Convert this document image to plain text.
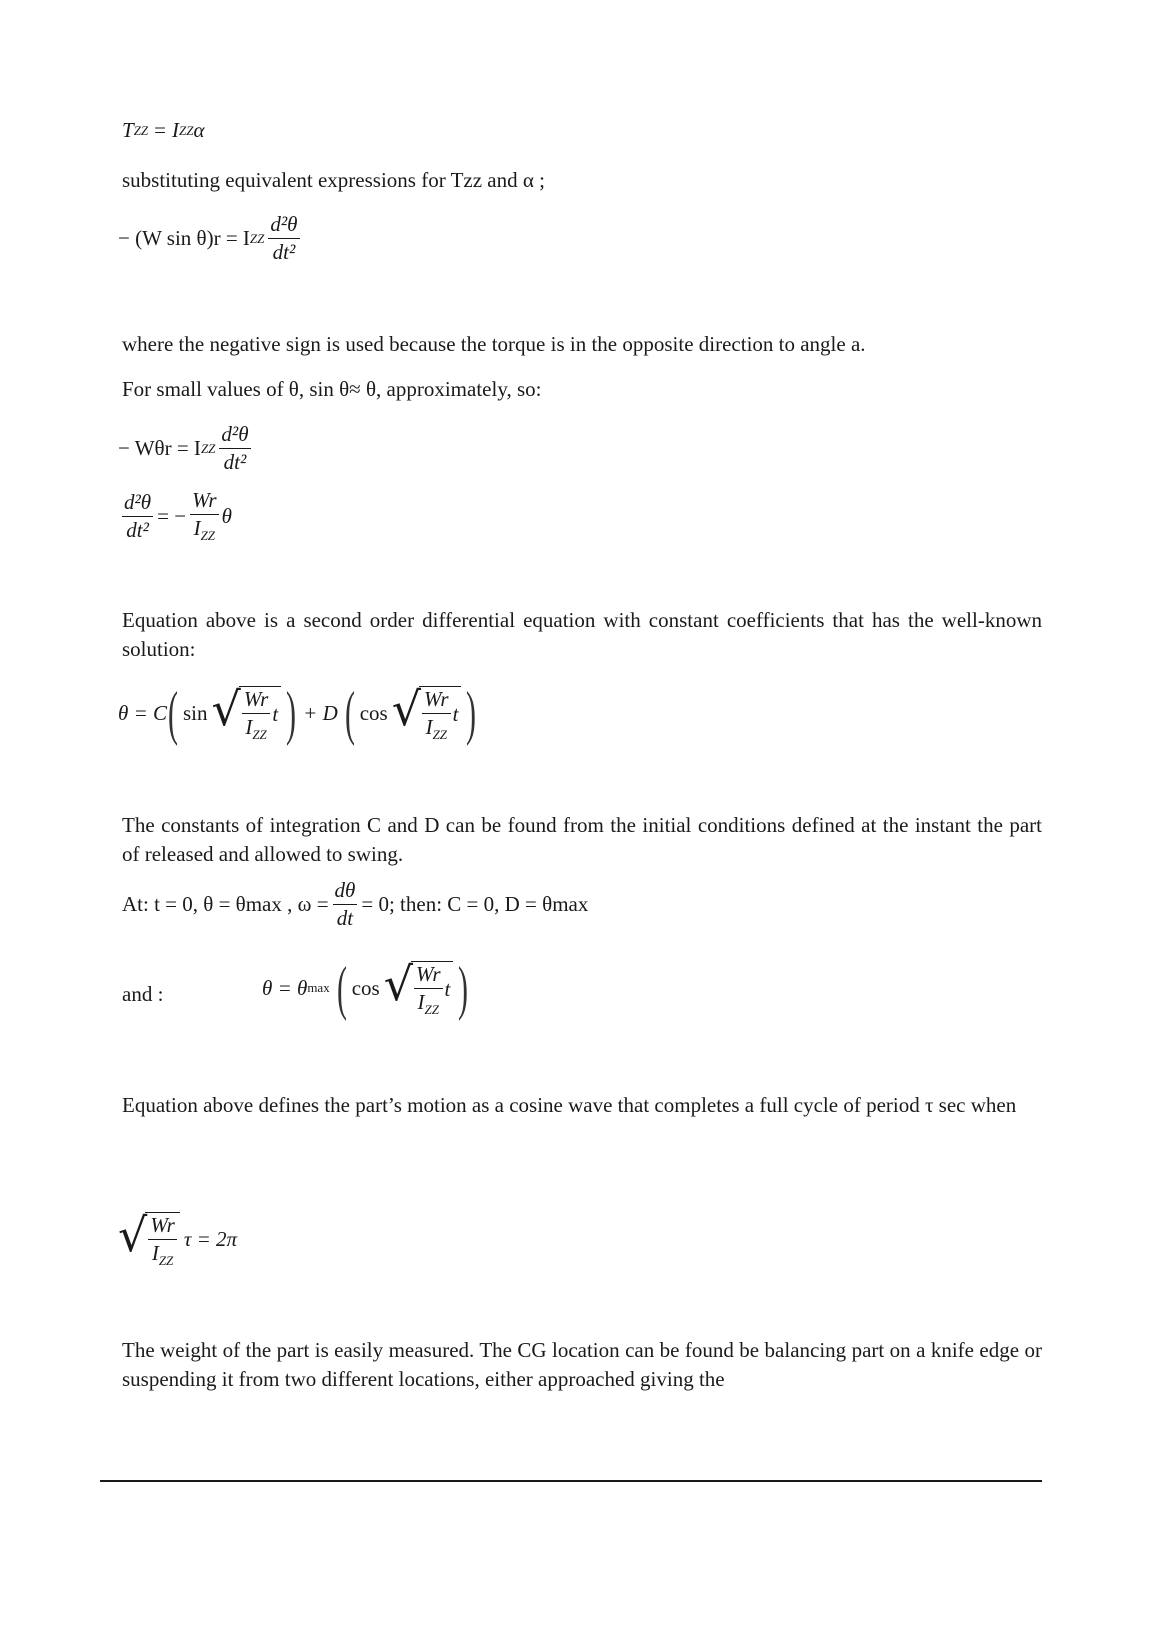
T ZZ = I ZZ α
substituting equivalent expressions for Tzz and α ;
− (W sin θ)r = I ZZ $\frac{\text{d²θ}}{\text{dt²}}$
where the negative sign is used because the torque is in the opposite direction to angle a.
For small values of θ, sin θ≈ θ, approximately, so:
− Wθr = I ZZ $\frac{\text{d²θ}}{\text{dt²}}$
$\frac{\text{d²θ}}{\text{dt²}}$ = − $\frac{Wr}{I_{ZZ}}$ θ
Equation above is a second order differential equation with constant coefficients that has the well-known solution:
θ = C ( sin √ $\frac{Wr}{I_{ZZ}}$ t ) + D ( cos √ $\frac{Wr}{I_{ZZ}}$ t )
The constants of integration C and D can be found from the initial conditions defined at the instant the part of released and allowed to swing.
At: t = 0, θ = θmax , $\omega = \frac{d\theta}{dt} = 0$; then: C = 0, D = θmax
and :	θ = θ max ( cos √ $\frac{Wr}{I_{ZZ}}$ t )
Equation above defines the part’s motion as a cosine wave that completes a full cycle of period τ sec when
√ $\frac{Wr}{I_{ZZ}}$ τ = 2π
The weight of the part is easily measured. The CG location can be found be balancing part on a knife edge or suspending it from two different locations, either approached giving the
